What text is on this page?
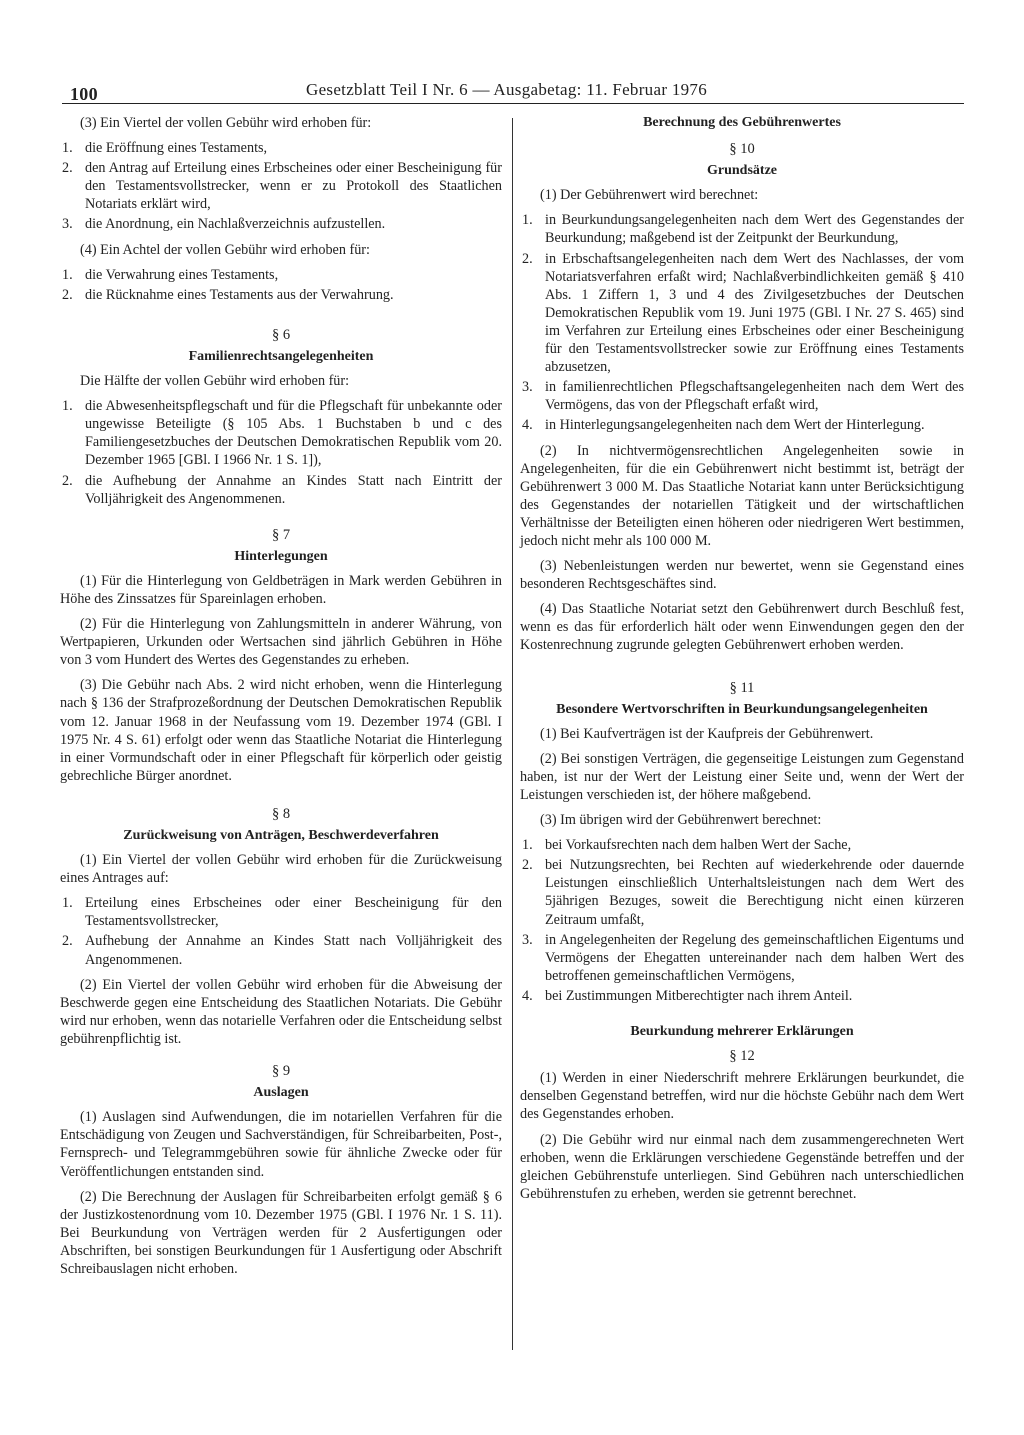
100	Gesetzblatt Teil I Nr. 6 — Ausgabetag: 11. Februar 1976

(3) Ein Viertel der vollen Gebühr wird erhoben für:

1. die Eröffnung eines Testaments,
2. den Antrag auf Erteilung eines Erbscheines oder einer Bescheinigung für den Testamentsvollstrecker, wenn er zu Protokoll des Staatlichen Notariats erklärt wird,
3. die Anordnung, ein Nachlaßverzeichnis aufzustellen.

(4) Ein Achtel der vollen Gebühr wird erhoben für:

1. die Verwahrung eines Testaments,
2. die Rücknahme eines Testaments aus der Verwahrung.
§ 6
Familienrechtsangelegenheiten

Die Hälfte der vollen Gebühr wird erhoben für:

1. die Abwesenheitspflegschaft und für die Pflegschaft für unbekannte oder ungewisse Beteiligte (§ 105 Abs. 1 Buchstaben b und c des Familiengesetzbuches der Deutschen Demokratischen Republik vom 20. Dezember 1965 [GBl. I 1966 Nr. 1 S. 1]),
2. die Aufhebung der Annahme an Kindes Statt nach Eintritt der Volljährigkeit des Angenommenen.
§ 7
Hinterlegungen

(1) Für die Hinterlegung von Geldbeträgen in Mark werden Gebühren in Höhe des Zinssatzes für Spareinlagen erhoben.

(2) Für die Hinterlegung von Zahlungsmitteln in anderer Währung, von Wertpapieren, Urkunden oder Wertsachen sind jährlich Gebühren in Höhe von 3 vom Hundert des Wertes des Gegenstandes zu erheben.

(3) Die Gebühr nach Abs. 2 wird nicht erhoben, wenn die Hinterlegung nach § 136 der Strafprozeßordnung der Deutschen Demokratischen Republik vom 12. Januar 1968 in der Neufassung vom 19. Dezember 1974 (GBl. I 1975 Nr. 4 S. 61) erfolgt oder wenn das Staatliche Notariat die Hinterlegung in einer Vormundschaft oder in einer Pflegschaft für körperlich oder geistig gebrechliche Bürger anordnet.

§ 8
Zurückweisung von Anträgen, Beschwerdeverfahren

(1) Ein Viertel der vollen Gebühr wird erhoben für die Zurückweisung eines Antrages auf:

1. Erteilung eines Erbscheines oder einer Bescheinigung für den Testamentsvollstrecker,
2. Aufhebung der Annahme an Kindes Statt nach Volljährigkeit des Angenommenen.

(2) Ein Viertel der vollen Gebühr wird erhoben für die Abweisung der Beschwerde gegen eine Entscheidung des Staatlichen Notariats. Die Gebühr wird nur erhoben, wenn das notarielle Verfahren oder die Entscheidung selbst gebührenpflichtig ist.

§ 9
Auslagen

(1) Auslagen sind Aufwendungen, die im notariellen Verfahren für die Entschädigung von Zeugen und Sachverständigen, für Schreibarbeiten, Post-, Fernsprech- und Telegrammgebühren sowie für ähnliche Zwecke oder für Veröffentlichungen entstanden sind.

(2) Die Berechnung der Auslagen für Schreibarbeiten erfolgt gemäß § 6 der Justizkostenordnung vom 10. Dezember 1975 (GBl. I 1976 Nr. 1 S. 11). Bei Beurkundung von Verträgen werden für 2 Ausfertigungen oder Abschriften, bei sonstigen Beurkundungen für 1 Ausfertigung oder Abschrift Schreibauslagen nicht erhoben.

Berechnung des Gebührenwertes
§ 10
Grundsätze

(1) Der Gebührenwert wird berechnet:

1. in Beurkundungsangelegenheiten nach dem Wert des Gegenstandes der Beurkundung; maßgebend ist der Zeitpunkt der Beurkundung,
2. in Erbschaftsangelegenheiten nach dem Wert des Nachlasses, der vom Notariatsverfahren erfaßt wird; Nachlaßverbindlichkeiten gemäß § 410 Abs. 1 Ziffern 1, 3 und 4 des Zivilgesetzbuches der Deutschen Demokratischen Republik vom 19. Juni 1975 (GBl. I Nr. 27 S. 465) sind im Verfahren zur Erteilung eines Erbscheines oder einer Bescheinigung für den Testamentsvollstrecker sowie zur Eröffnung eines Testaments abzusetzen,
3. in familienrechtlichen Pflegschaftsangelegenheiten nach dem Wert des Vermögens, das von der Pflegschaft erfaßt wird,
4. in Hinterlegungsangelegenheiten nach dem Wert der Hinterlegung.

(2) In nichtvermögensrechtlichen Angelegenheiten sowie in Angelegenheiten, für die ein Gebührenwert nicht bestimmt ist, beträgt der Gebührenwert 3 000 M. Das Staatliche Notariat kann unter Berücksichtigung des Gegenstandes der notariellen Tätigkeit und der wirtschaftlichen Verhältnisse der Beteiligten einen höheren oder niedrigeren Wert bestimmen, jedoch nicht mehr als 100 000 M.

(3) Nebenleistungen werden nur bewertet, wenn sie Gegenstand eines besonderen Rechtsgeschäftes sind.

(4) Das Staatliche Notariat setzt den Gebührenwert durch Beschluß fest, wenn es das für erforderlich hält oder wenn Einwendungen gegen den der Kostenrechnung zugrunde gelegten Gebührenwert erhoben werden.

§ 11
Besondere Wertvorschriften in Beurkundungsangelegenheiten

(1) Bei Kaufverträgen ist der Kaufpreis der Gebührenwert.

(2) Bei sonstigen Verträgen, die gegenseitige Leistungen zum Gegenstand haben, ist nur der Wert der Leistung einer Seite und, wenn der Wert der Leistungen verschieden ist, der höhere maßgebend.

(3) Im übrigen wird der Gebührenwert berechnet:

1. bei Vorkaufsrechten nach dem halben Wert der Sache,
2. bei Nutzungsrechten, bei Rechten auf wiederkehrende oder dauernde Leistungen einschließlich Unterhaltsleistungen nach dem Wert des 5jährigen Bezuges, soweit die Berechtigung nicht einen kürzeren Zeitraum umfaßt,
3. in Angelegenheiten der Regelung des gemeinschaftlichen Eigentums und Vermögens der Ehegatten untereinander nach dem halben Wert des betroffenen gemeinschaftlichen Vermögens,
4. bei Zustimmungen Mitberechtigter nach ihrem Anteil.
Beurkundung mehrerer Erklärungen
§ 12

(1) Werden in einer Niederschrift mehrere Erklärungen beurkundet, die denselben Gegenstand betreffen, wird nur die höchste Gebühr nach dem Wert des Gegenstandes erhoben.

(2) Die Gebühr wird nur einmal nach dem zusammengerechneten Wert erhoben, wenn die Erklärungen verschiedene Gegenstände betreffen und der gleichen Gebührenstufe unterliegen. Sind Gebühren nach unterschiedlichen Gebührenstufen zu erheben, werden sie getrennt berechnet.
